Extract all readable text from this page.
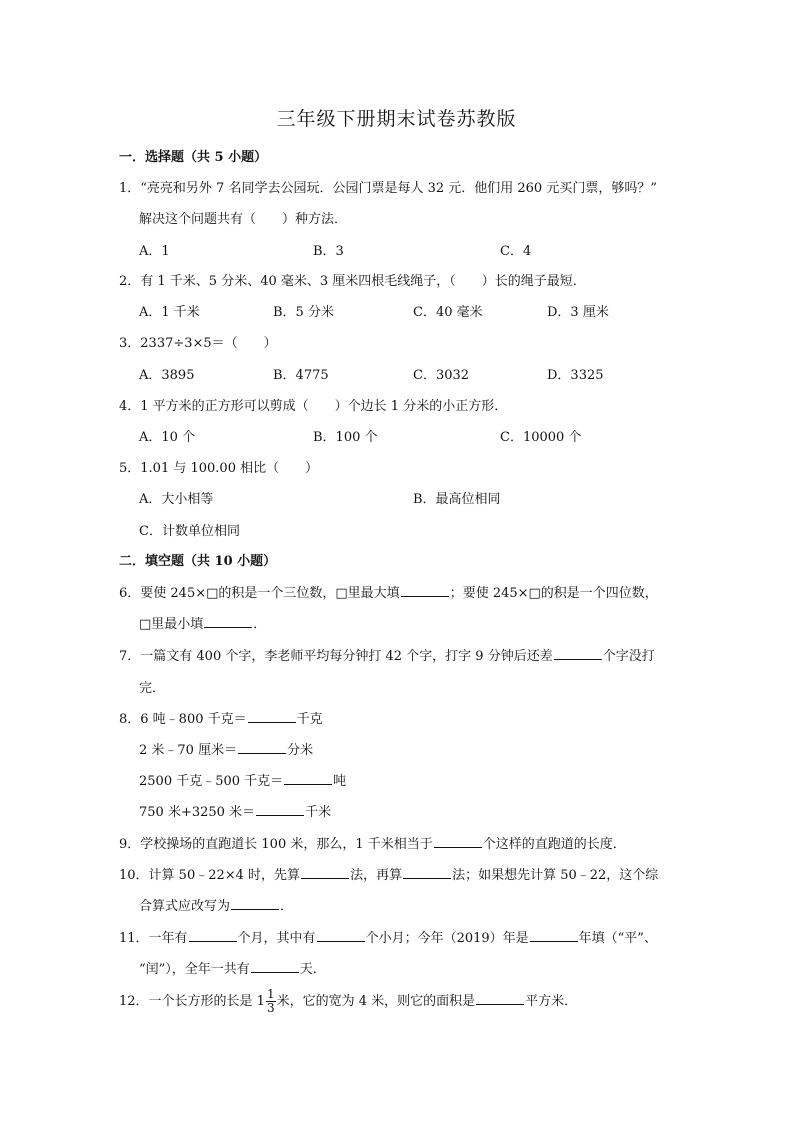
三年级下册期末试卷苏教版
一．选择题（共 5 小题）
1．“亮亮和另外 7 名同学去公园玩．公园门票是每人 32 元．他们用 260 元买门票，够吗？”
解决这个问题共有（　　）种方法．
A．1	B．3	C．4
2．有 1 千米、5 分米、40 毫米、3 厘米四根毛线绳子，（　　）长的绳子最短．
A．1 千米	B．5 分米	C．40 毫米	D．3 厘米
3．2337÷3×5＝（　　）
A．3895	B．4775	C．3032	D．3325
4．1 平方米的正方形可以剪成（　　）个边长 1 分米的小正方形．
A．10 个	B．100 个	C．10000 个
5．1.01 与 100.00 相比（　　）
A．大小相等	B．最高位相同
C．计数单位相同
二．填空题（共 10 小题）
6．要使 245×□的积是一个三位数，□里最大填	；要使 245×□的积是一个四位数，
□里最小填	．
7．一篇文有 400 个字，李老师平均每分钟打 42 个字，打字 9 分钟后还差	个字没打
完．
8．6 吨﹣800 千克＝	千克
2 米﹣70 厘米＝	分米
2500 千克﹣500 千克＝	吨
750 米+3250 米＝	千米
9．学校操场的直跑道长 100 米，那么，1 千米相当于	个这样的直跑道的长度．
10．计算 50﹣22×4 时，先算	法，再算	法；如果想先计算 50﹣22，这个综
合算式应改写为	．
11．一年有	个月，其中有	个小月；今年（2019）年是	年填（“平”、
“闰”），全年一共有	天．
12．一个长方形的长是 $1 \frac{1}{3}$ 米，它的宽为 4 米，则它的面积是	平方米．
